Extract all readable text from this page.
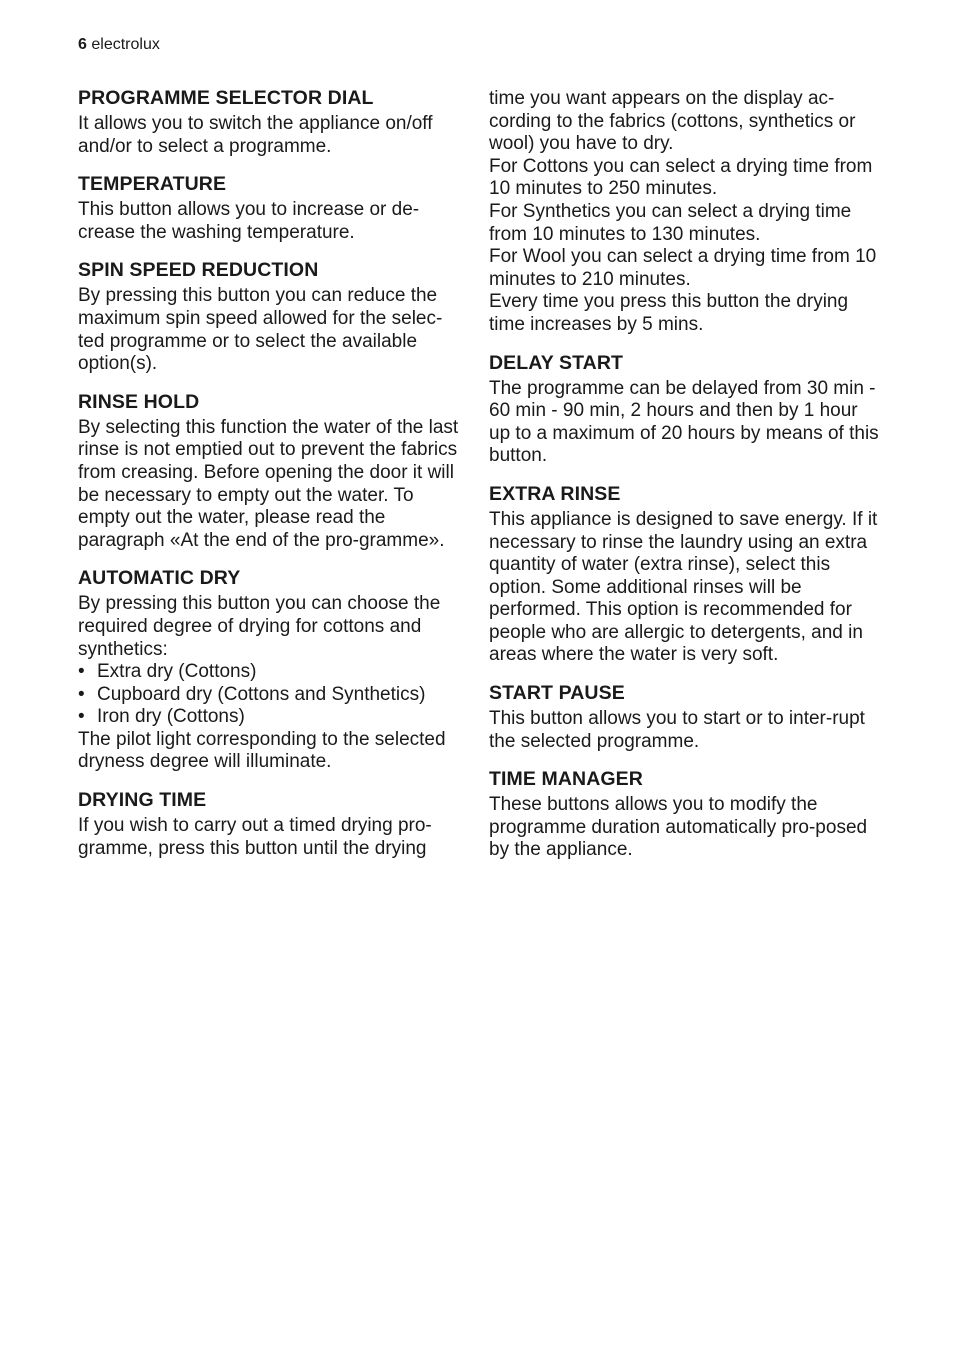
6 electrolux
PROGRAMME SELECTOR DIAL

It allows you to switch the appliance on/off and/or to select a programme.

TEMPERATURE

This button allows you to increase or de-crease the washing temperature.

SPIN SPEED REDUCTION

By pressing this button you can reduce the maximum spin speed allowed for the selec-ted programme or to select the available option(s).

RINSE HOLD

By selecting this function the water of the last rinse is not emptied out to prevent the fabrics from creasing. Before opening the door it will be necessary to empty out the water. To empty out the water, please read the paragraph «At the end of the pro-gramme».

AUTOMATIC DRY

By pressing this button you can choose the required degree of drying for cottons and synthetics:

• Extra dry (Cottons)
• Cupboard dry (Cottons and Synthetics)
• Iron dry (Cottons)

The pilot light corresponding to the selected dryness degree will illuminate.

DRYING TIME

If you wish to carry out a timed drying pro-gramme, press this button until the drying

time you want appears on the display ac-cording to the fabrics (cottons, synthetics or wool) you have to dry.

For Cottons you can select a drying time from 10 minutes to 250 minutes.

For Synthetics you can select a drying time from 10 minutes to 130 minutes.

For Wool you can select a drying time from 10 minutes to 210 minutes.

Every time you press this button the drying time increases by 5 mins.

DELAY START

The programme can be delayed from 30 min - 60 min - 90 min, 2 hours and then by 1 hour up to a maximum of 20 hours by means of this button.

EXTRA RINSE

This appliance is designed to save energy. If it necessary to rinse the laundry using an extra quantity of water (extra rinse), select this option. Some additional rinses will be performed. This option is recommended for people who are allergic to detergents, and in areas where the water is very soft.

START PAUSE

This button allows you to start or to inter-rupt the selected programme.

TIME MANAGER

These buttons allows you to modify the programme duration automatically pro-posed by the appliance.
